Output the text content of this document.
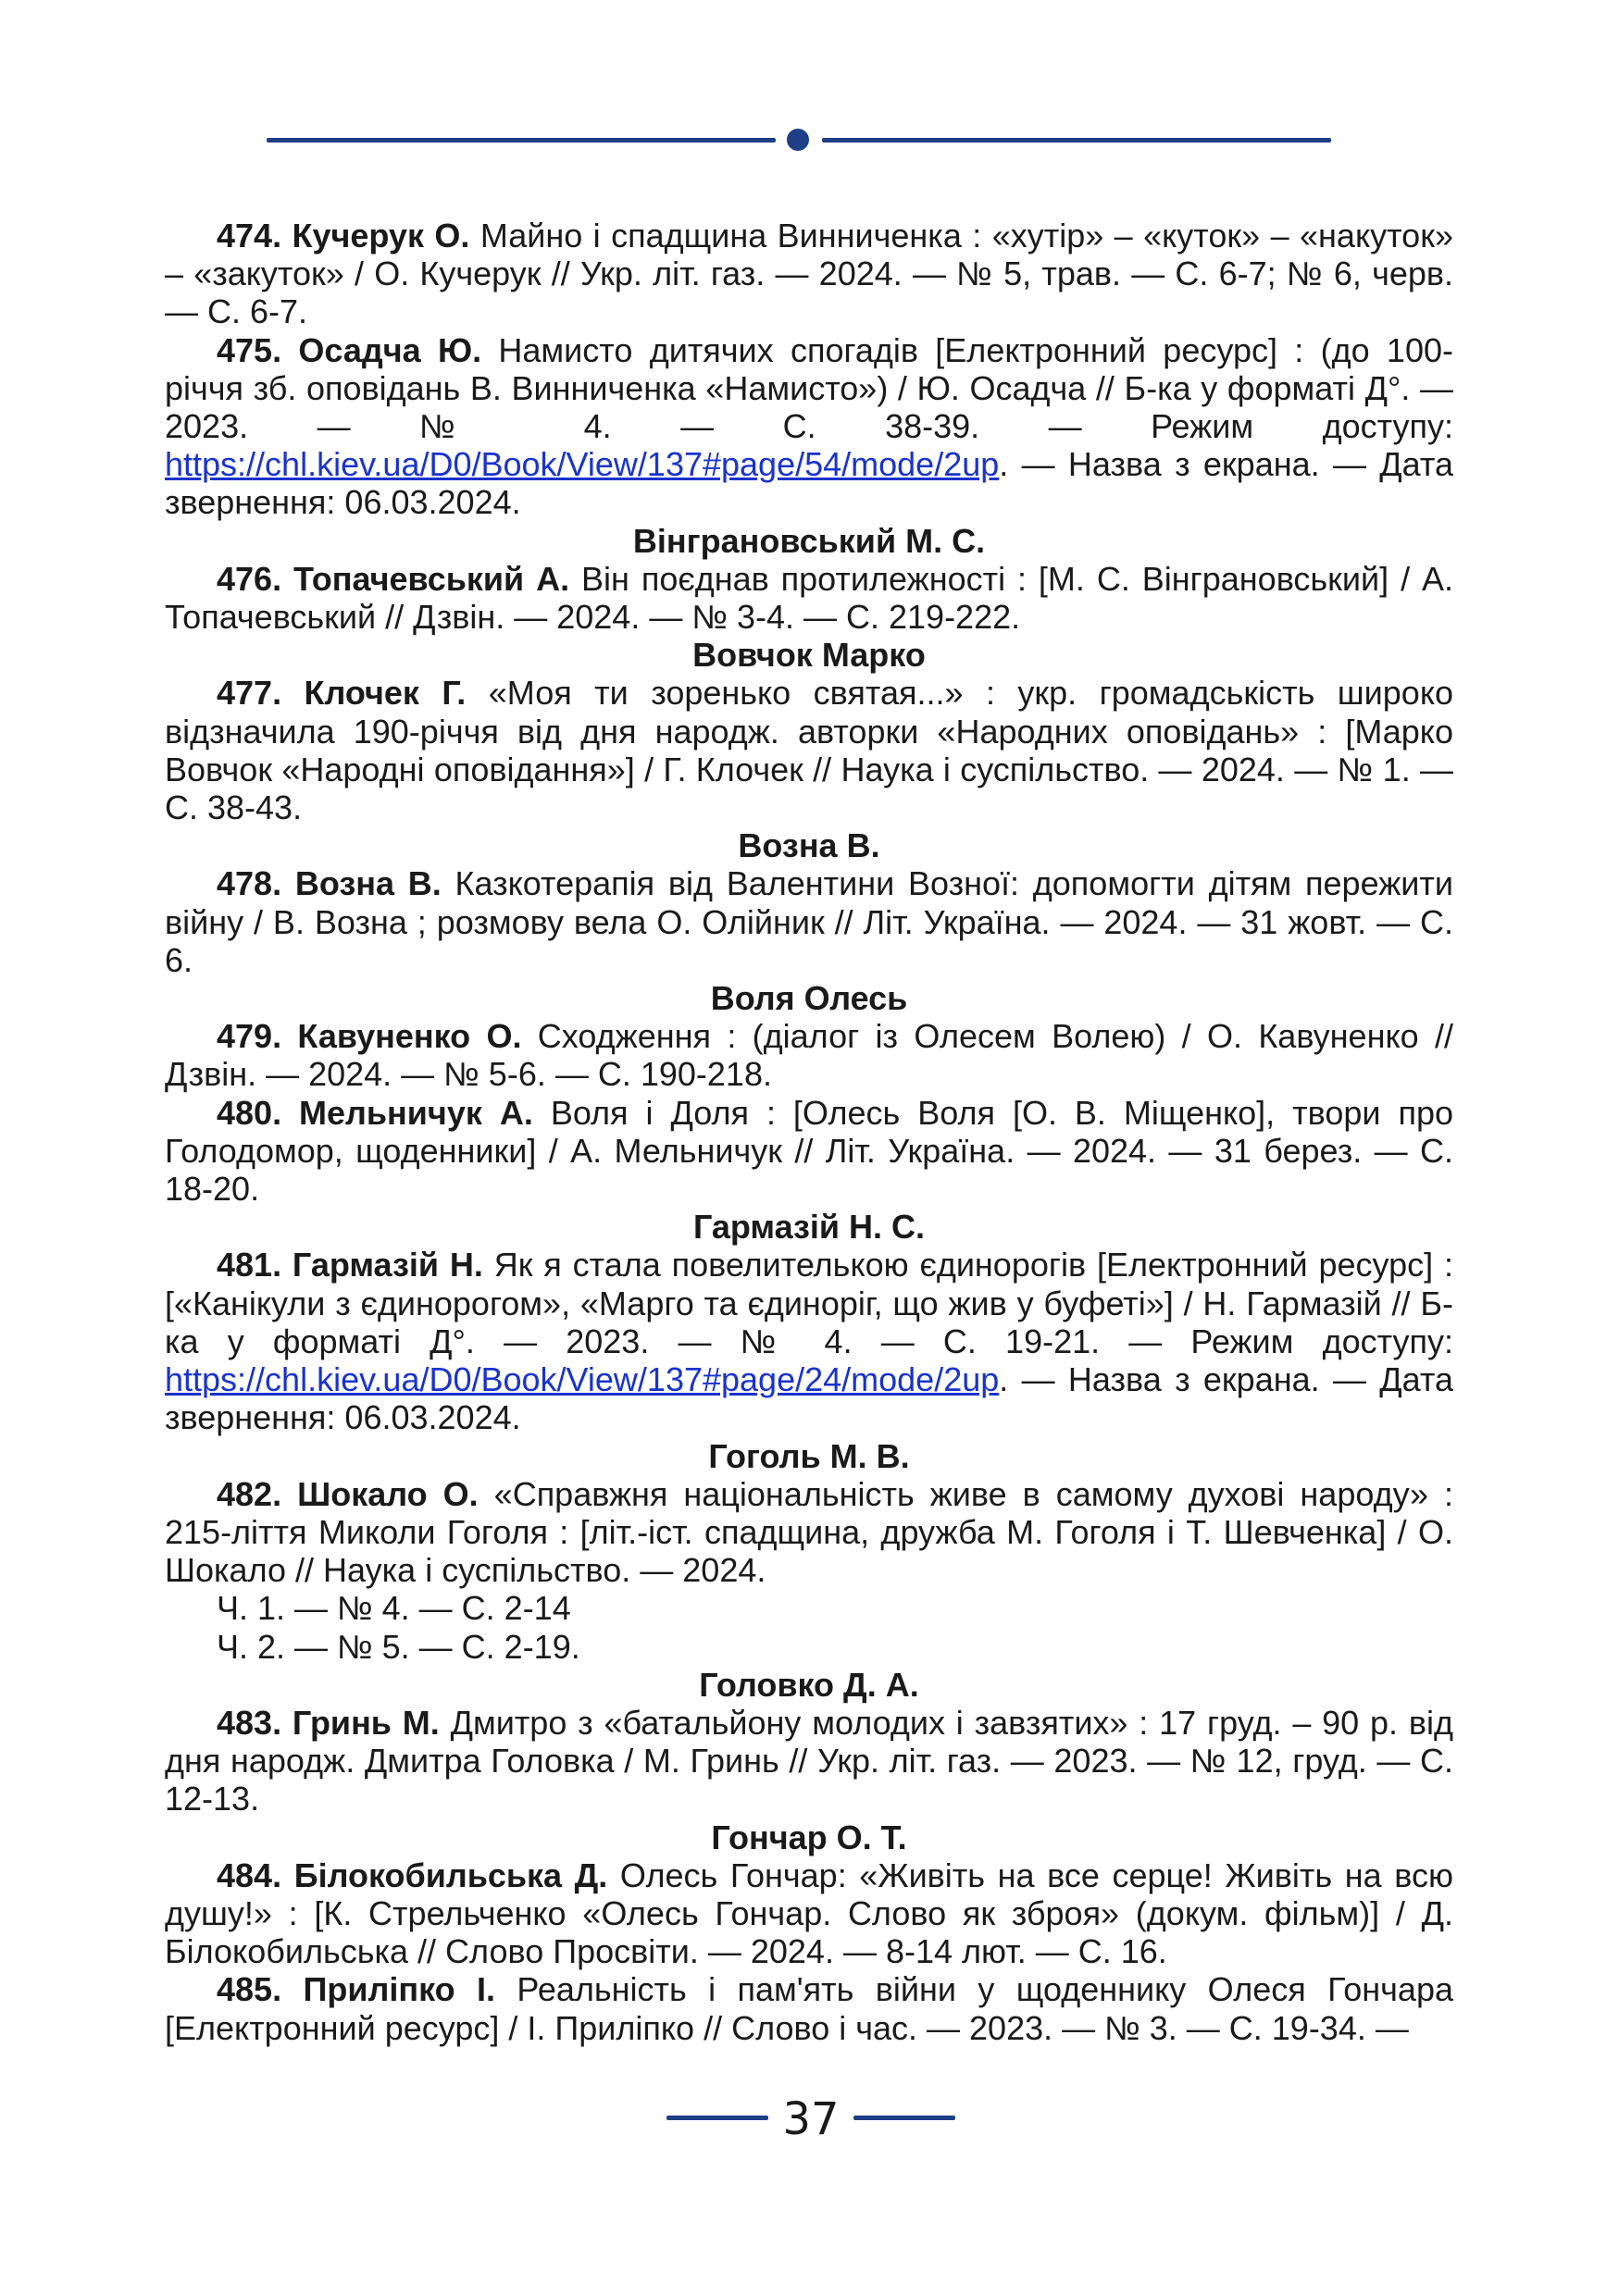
474. Кучерук О. Майно і спадщина Винниченка : «хутір» – «куток» – «накуток» – «закуток» / О. Кучерук // Укр. літ. газ. — 2024. — № 5, трав. — С. 6-7; № 6, черв. — С. 6-7.

475. Осадча Ю. Намисто дитячих спогадів [Електронний ресурс] : (до 100-річчя зб. оповідань В. Винниченка «Намисто») / Ю. Осадча // Б-ка у форматі Д°. — 2023. — № 4. — С. 38-39. — Режим доступу: https://chl.kiev.ua/D0/Book/View/137#page/54/mode/2up. — Назва з екрана. — Дата звернення: 06.03.2024.

Вінграновський М. С.

476. Топачевський А. Він поєднав протилежності : [М. С. Вінграновський] / А. Топачевський // Дзвін. — 2024. — № 3-4. — С. 219-222.

Вовчок Марко

477. Клочек Г. «Моя ти зоренько святая...» : укр. громадськість широко відзначила 190-річчя від дня народж. авторки «Народних оповідань» : [Марко Вовчок «Народні оповідання»] / Г. Клочек // Наука і суспільство. — 2024. — № 1. — С. 38-43.

Возна В.

478. Возна В. Казкотерапія від Валентини Возної: допомогти дітям пережити війну / В. Возна ; розмову вела О. Олійник // Літ. Україна. — 2024. — 31 жовт. — С. 6.

Воля Олесь

479. Кавуненко О. Сходження : (діалог із Олесем Волею) / О. Кавуненко // Дзвін. — 2024. — № 5-6. — С. 190-218.

480. Мельничук А. Воля і Доля : [Олесь Воля [О. В. Міщенко], твори про Голодомор, щоденники] / А. Мельничук // Літ. Україна. — 2024. — 31 берез. — С. 18-20.

Гармазій Н. С.

481. Гармазій Н. Як я стала повелителькою єдинорогів [Електронний ресурс] : [«Канікули з єдинорогом», «Марго та єдиноріг, що жив у буфеті»] / Н. Гармазій // Б-ка у форматі Д°. — 2023. — № 4. — С. 19-21. — Режим доступу: https://chl.kiev.ua/D0/Book/View/137#page/24/mode/2up. — Назва з екрана. — Дата звернення: 06.03.2024.

Гоголь М. В.

482. Шокало О. «Справжня національність живе в самому духові народу» : 215-ліття Миколи Гоголя : [літ.-іст. спадщина, дружба М. Гоголя і Т. Шевченка] / О. Шокало // Наука і суспільство. — 2024.

Ч. 1. — № 4. — С. 2-14

Ч. 2. — № 5. — С. 2-19.

Головко Д. А.

483. Гринь М. Дмитро з «батальйону молодих і завзятих» : 17 груд. – 90 р. від дня народж. Дмитра Головка / М. Гринь // Укр. літ. газ. — 2023. — № 12, груд. — С. 12-13.

Гончар О. Т.

484. Білокобильська Д. Олесь Гончар: «Живіть на все серце! Живіть на всю душу!» : [К. Стрельченко «Олесь Гончар. Слово як зброя» (докум. фільм)] / Д. Білокобильська // Слово Просвіти. — 2024. — 8-14 лют. — С. 16.

485. Приліпко І. Реальність і пам'ять війни у щоденнику Олеся Гончара [Електронний ресурс] / І. Приліпко // Слово і час. — 2023. — № 3. — С. 19-34. —

37
